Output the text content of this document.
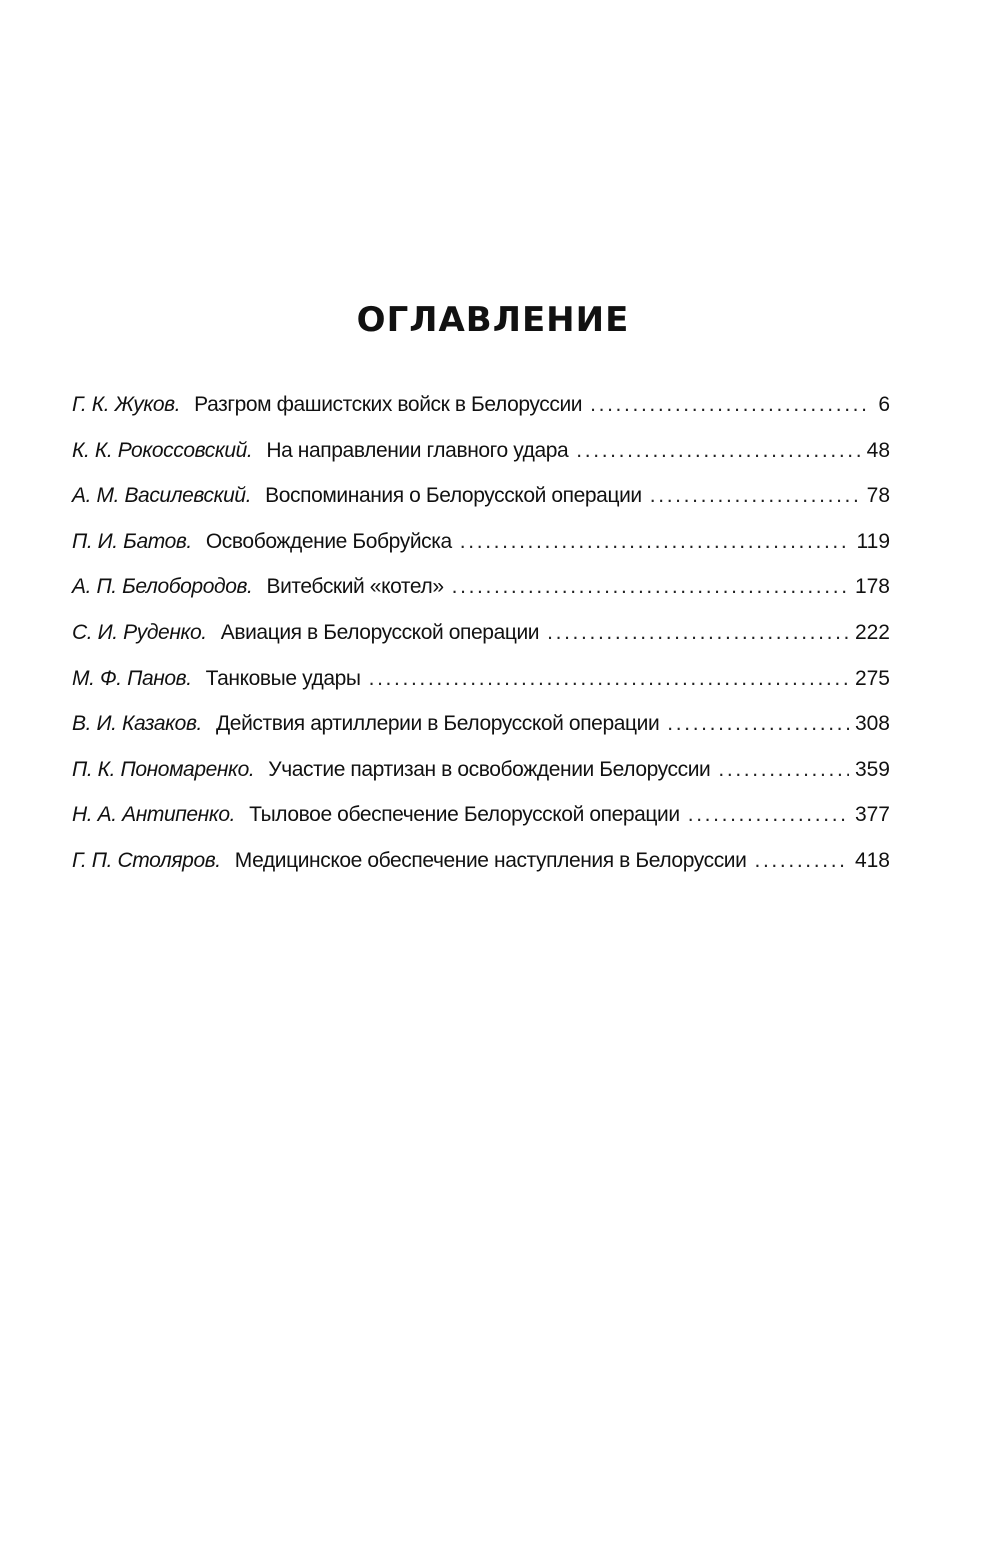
ОГЛАВЛЕНИЕ
Г. К. Жуков. Разгром фашистских войск в Белоруссии . . .	6
К. К. Рокоссовский. На направлении главного удара . . .	48
А. М. Василевский. Воспоминания о Белорусской операции . . .	78
П. И. Батов. Освобождение Бобруйска . . .	119
А. П. Белобородов. Витебский «котел» . . .	178
С. И. Руденко. Авиация в Белорусской операции . . .	222
М. Ф. Панов. Танковые удары . . .	275
В. И. Казаков. Действия артиллерии в Белорусской операции . . .	308
П. К. Пономаренко. Участие партизан в освобождении Белоруссии . . .	359
Н. А. Антипенко. Тыловое обеспечение Белорусской операции . . .	377
Г. П. Столяров. Медицинское обеспечение наступления в Белоруссии . . .	418
